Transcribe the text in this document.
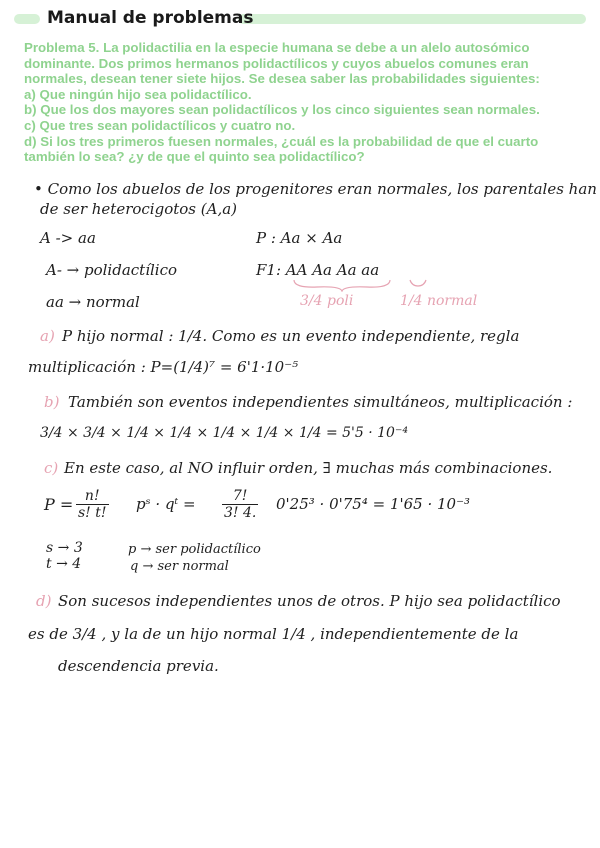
Manual de problemas
Problema 5. La polidactilia en la especie humana se debe a un alelo autosómico
dominante. Dos primos hermanos polidactílicos y cuyos abuelos comunes eran
normales, desean tener siete hijos. Se desea saber las probabilidades siguientes:
a) Que ningún hijo sea polidactílico.
b) Que los dos mayores sean polidactílicos y los cinco siguientes sean normales.
c) Que tres sean polidactílicos y cuatro no.
d) Si los tres primeros fuesen normales, ¿cuál es la probabilidad de que el cuarto
también lo sea? ¿y de que el quinto sea polidactílico?
• Como los abuelos de los progenitores eran normales, los parentales han
de ser heterocigotos (A,a)
A -> aa
A- → polidactílico
aa → normal
P : Aa × Aa
F1: AA Aa Aa aa
3/4 poli	1/4 normal
a) P hijo normal : 1/4. Como es un evento independiente, regla
multiplicación : P=(1/4)⁷ = 6'1·10⁻⁵
b) También son eventos independientes simultáneos, multiplicación :
3/4 × 3/4 × 1/4 × 1/4 × 1/4 × 1/4 × 1/4 = 5'5 · 10⁻⁴
c) En este caso, al NO influir orden, ∃ muchas más combinaciones.
$P = \frac{n!}{s! t!}$ pˢ · qᵗ = $\frac{7!}{3! 4.} 0'25^3 \cdot 0'75^4 = 1'65 \cdot 10^{-3}$
s → 3
t → 4
p → ser polidactílico
q → ser normal
d) Son sucesos independientes unos de otros. P hijo sea polidactílico
es de 3/4 , y la de un hijo normal 1/4 , independientemente de la
descendencia previa.
